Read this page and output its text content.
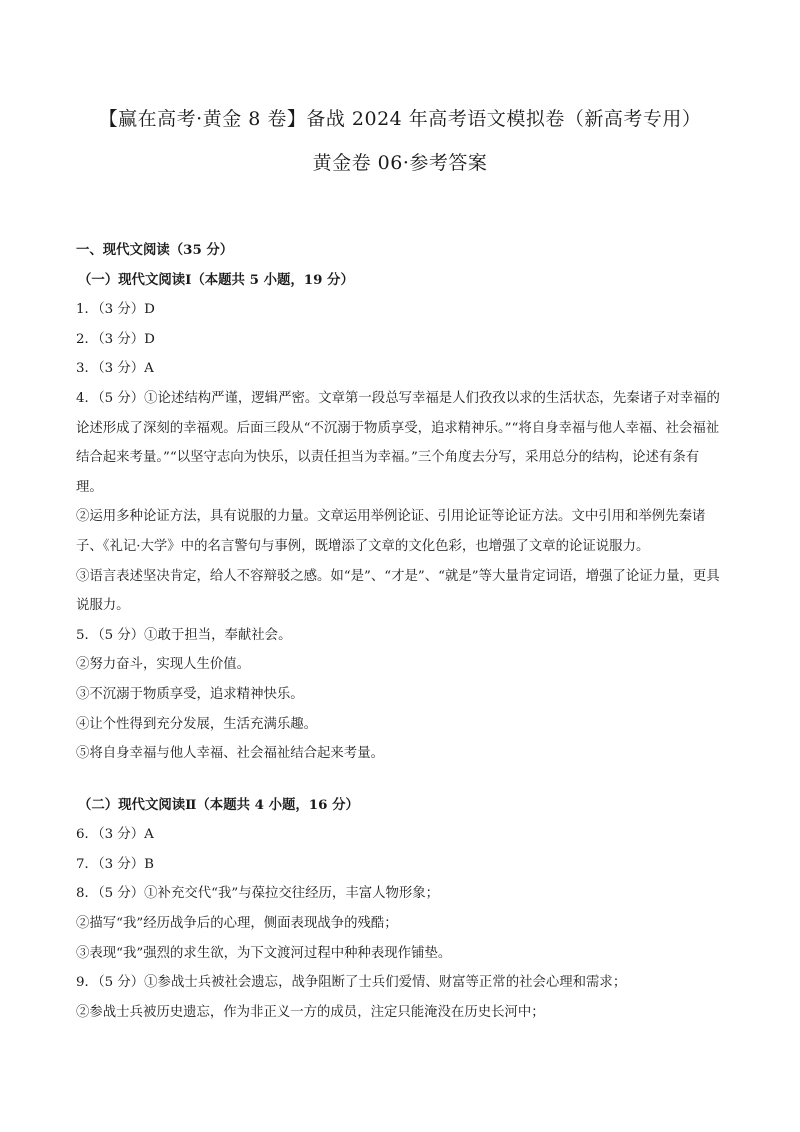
【赢在高考·黄金 8 卷】备战 2024 年高考语文模拟卷（新高考专用）
黄金卷 06·参考答案

一、现代文阅读（35 分）

（一）现代文阅读Ⅰ（本题共 5 小题，19 分）

1．（3 分）D

2．（3 分）D

3．（3 分）A

4．（5 分）①论述结构严谨，逻辑严密。文章第一段总写幸福是人们孜孜以求的生活状态，先秦诸子对幸福的论述形成了深刻的幸福观。后面三段从“不沉溺于物质享受，追求精神乐。”“将自身幸福与他人幸福、社会福祉结合起来考量。”“以坚守志向为快乐，以责任担当为幸福。”三个角度去分写，采用总分的结构，论述有条有理。

②运用多种论证方法，具有说服的力量。文章运用举例论证、引用论证等论证方法。文中引用和举例先秦诸子、《礼记·大学》中的名言警句与事例，既增添了文章的文化色彩，也增强了文章的论证说服力。

③语言表述坚决肯定，给人不容辩驳之感。如“是”、“才是”、“就是”等大量肯定词语，增强了论证力量，更具说服力。

5．（5 分）①敢于担当，奉献社会。

②努力奋斗，实现人生价值。

③不沉溺于物质享受，追求精神快乐。

④让个性得到充分发展，生活充满乐趣。

⑤将自身幸福与他人幸福、社会福祉结合起来考量。

（二）现代文阅读Ⅱ（本题共 4 小题，16 分）

6．（3 分）A

7．（3 分）B

8．（5 分）①补充交代“我”与葆拉交往经历，丰富人物形象；

②描写“我”经历战争后的心理，侧面表现战争的残酷；

③表现“我”强烈的求生欲，为下文渡河过程中种种表现作铺垫。

9．（5 分）①参战士兵被社会遗忘，战争阻断了士兵们爱情、财富等正常的社会心理和需求；

②参战士兵被历史遗忘，作为非正义一方的成员，注定只能淹没在历史长河中；
